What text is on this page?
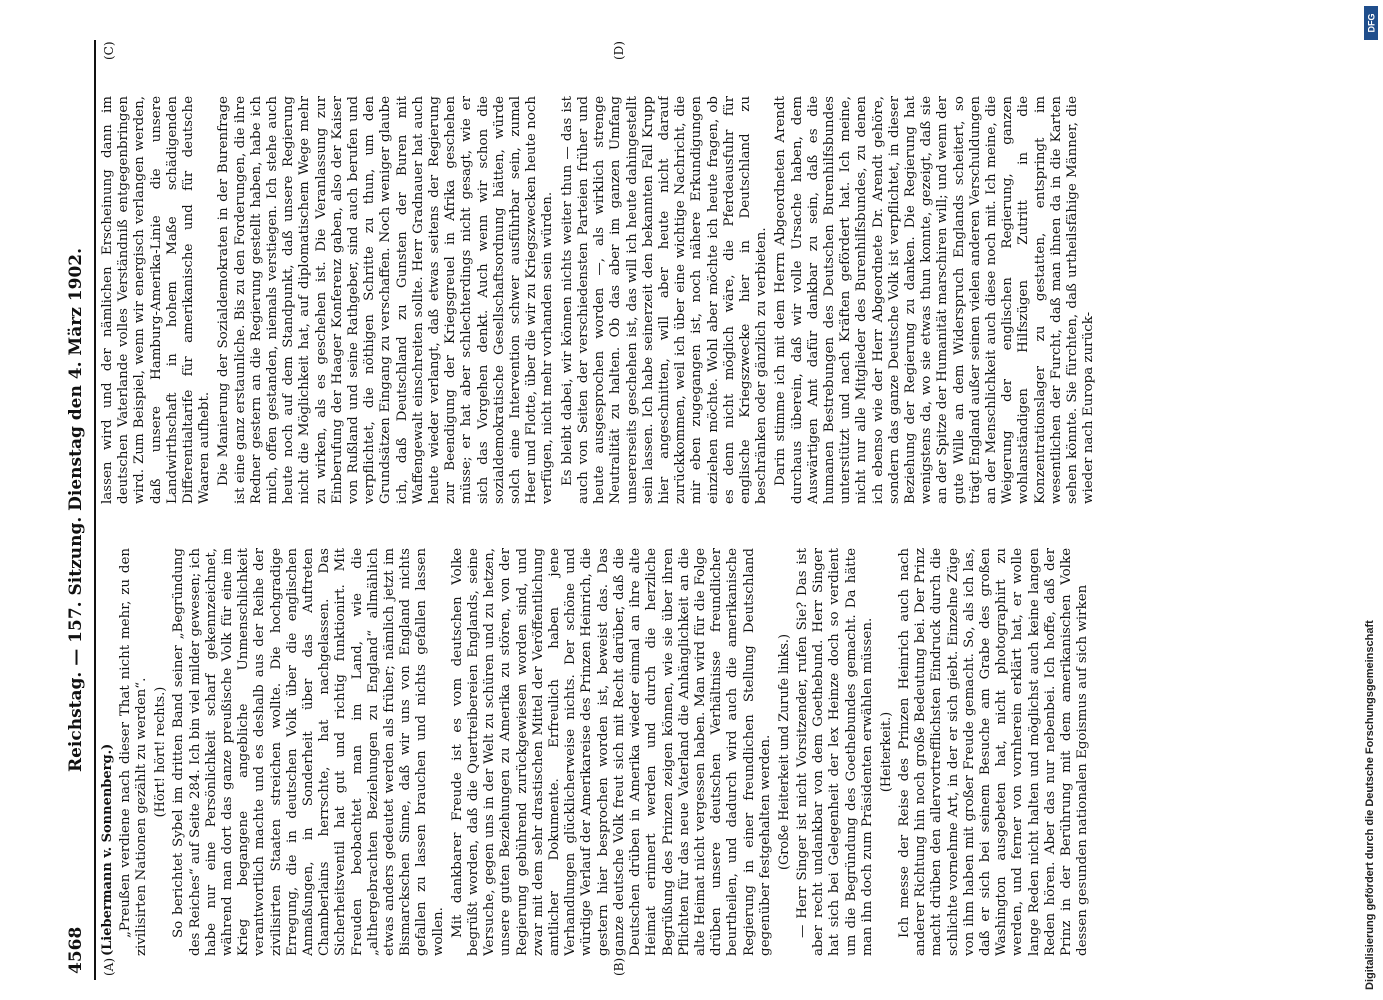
4568
Reichstag. — 157. Sitzung. Dienstag den 4. März 1902.
(A)	(B)
(C)	(D)
(Liebermann v. Sonnenberg.) „Preußen verdiene nach dieser That nicht mehr, zu den zivilisirten Nationen gezählt zu werden“. (Hört! hört! rechts.) So berichtet Sybel im dritten Band seiner „Begründung des Reiches“ auf Seite 284. Ich bin viel milder gewesen; ich habe nur eine Persönlichkeit scharf gekennzeichnet, während man dort das ganze preußische Volk für eine im Krieg begangene angebliche Unmenschlichkeit verantwortlich machte und es deshalb aus der Reihe der zivilisirten Staaten streichen wollte. Die hochgradige Erregung, die in deutschen Volk über die englischen Anmaßungen, in Sonderheit über das Auftreten Chamberlains herrschte, hat nachgelassen. Das Sicherheitsventil hat gut und richtig funktionirt. Mit Freuden beobachtet man im Land, wie die „althergebrachten Beziehungen zu England“ allmählich etwas anders gedeutet werden als früher; nämlich jetzt im Bismarckschen Sinne, daß wir uns von England nichts gefallen zu lassen brauchen und nichts gefallen lassen wollen. Mit dankbarer Freude ist es vom deutschen Volke begrüßt worden, daß die Quertreibereien Englands, seine Versuche, gegen uns in der Welt zu schüren und zu hetzen, unsere guten Beziehungen zu Amerika zu stören, von der Regierung gebührend zurückgewiesen worden sind, und zwar mit dem sehr drastischen Mittel der Veröffentlichung amtlicher Dokumente. Erfreulich haben jene Verhandlungen glücklicherweise nichts. Der schöne und würdige Verlauf der Amerikareise des Prinzen Heinrich, die gestern hier besprochen worden ist, beweist das. Das ganze deutsche Volk freut sich mit Recht darüber, daß die Deutschen drüben in Amerika wieder einmal an ihre alte Heimat erinnert werden und durch die herzliche Begrüßung des Prinzen zeigen können, wie sie über ihren Pflichten für das neue Vaterland die Anhänglichkeit an die alte Heimat nicht vergessen haben. Man wird für die Folge drüben unsere deutschen Verhältnisse freundlicher beurtheilen, und dadurch wird auch die amerikanische Regierung in einer freundlichen Stellung Deutschland gegenüber festgehalten werden. (Große Heiterkeit und Zurufe links.) — Herr Singer ist nicht Vorsitzender, rufen Sie? Das ist aber recht undankbar von dem Goethebund. Herr Singer hat sich bei Gelegenheit der lex Heinze doch so verdient um die Begründung des Goethebundes gemacht. Da hätte man ihn doch zum Präsidenten erwählen müssen. (Heiterkeit.) Ich messe der Reise des Prinzen Heinrich auch nach anderer Richtung hin noch große Bedeutung bei. Der Prinz macht drüben den allervortrefflichsten Eindruck durch die schlichte vornehme Art, in der er sich giebt. Einzelne Züge von ihm haben mit großer Freude gemacht. So, als ich las, daß er sich bei seinem Besuche am Grabe des großen Washington ausgebeten hat, nicht photographirt zu werden, und ferner von vornherein erklärt hat, er wolle lange Reden nicht halten und möglichst auch keine langen Reden hören. Aber das nur nebenbei. Ich hoffe, daß der Prinz in der Berührung mit dem amerikanischen Volke dessen gesunden nationalen Egoismus auf sich wirken
lassen wird und der nämlichen Erscheinung dann im deutschen Vaterlande volles Verständniß entgegenbringen wird. Zum Beispiel, wenn wir energisch verlangen werden, daß unsere Hamburg-Amerika-Linie die unsere Landwirthschaft in hohem Maße schädigenden Differentialtarife für amerikanische und für deutsche Waaren aufhebt. Die Manierung der Sozialdemokraten in der Burenfrage ist eine ganz erstaunliche. Bis zu den Forderungen, die ihre Redner gestern an die Regierung gestellt haben, habe ich mich, offen gestanden, niemals verstiegen. Ich stehe auch heute noch auf dem Standpunkt, daß unsere Regierung nicht die Möglichkeit hat, auf diplomatischem Wege mehr zu wirken, als es geschehen ist. Die Veranlassung zur Einberufung der Haager Konferenz gaben, also der Kaiser von Rußland und seine Rathgeber, sind auch berufen und verpflichtet, die nöthigen Schritte zu thun, um den Grundsätzen Eingang zu verschaffen. Noch weniger glaube ich, daß Deutschland zu Gunsten der Buren mit Waffengewalt einschreiten sollte. Herr Gradnauer hat auch heute wieder verlangt, daß etwas seitens der Regierung zur Beendigung der Kriegsgreuel in Afrika geschehen müsse; er hat aber schlechterdings nicht gesagt, wie er sich das Vorgehen denkt. Auch wenn wir schon die sozialdemokratische Gesellschaftsordnung hätten, würde solch eine Intervention schwer ausführbar sein, zumal Heer und Flotte, über die wir zu Kriegszwecken heute noch verfügen, nicht mehr vorhanden sein würden. Es bleibt dabei, wir können nichts weiter thun — das ist auch von Seiten der verschiedensten Parteien früher und heute ausgesprochen worden —, als wirklich strenge Neutralität zu halten. Ob das aber im ganzen Umfang unsererseits geschehen ist, das will ich heute dahingestellt sein lassen. Ich habe seinerzeit den bekannten Fall Krupp hier angeschnitten, will aber heute nicht darauf zurückkommen, weil ich über eine wichtige Nachricht, die mir eben zugegangen ist, noch nähere Erkundigungen einziehen möchte. Wohl aber möchte ich heute fragen, ob es denn nicht möglich wäre, die Pferdeausfuhr für englische Kriegszwecke hier in Deutschland zu beschränken oder gänzlich zu verbieten. Darin stimme ich mit dem Herrn Abgeordneten Arendt durchaus überein, daß wir volle Ursache haben, dem Auswärtigen Amt dafür dankbar zu sein, daß es die humanen Bestrebungen des Deutschen Burenhilfsbundes unterstützt und nach Kräften gefördert hat. Ich meine, nicht nur alle Mitglieder des Burenhilfsbundes, zu denen ich ebenso wie der Herr Abgeordnete Dr. Arendt gehöre, sondern das ganze Deutsche Volk ist verpflichtet, in dieser Beziehung der Regierung zu danken. Die Regierung hat wenigstens da, wo sie etwas thun konnte, gezeigt, daß sie an der Spitze der Humanität marschiren will; und wenn der gute Wille an dem Widerspruch Englands scheitert, so trägt England außer seinen vielen anderen Verschuldungen an der Menschlichkeit auch diese noch mit. Ich meine, die Weigerung der englischen Regierung, ganzen wohlanständigen Hilfszügen Zutritt in die Konzentrationslager zu gestatten, entspringt im wesentlichen der Furcht, daß man ihnen da in die Karten sehen könnte. Sie fürchten, daß urtheilsfähige Männer, die wieder nach Europa zurück-
Digitalisierung gefördert durch die Deutsche Forschungsgemeinschaft
DFG
